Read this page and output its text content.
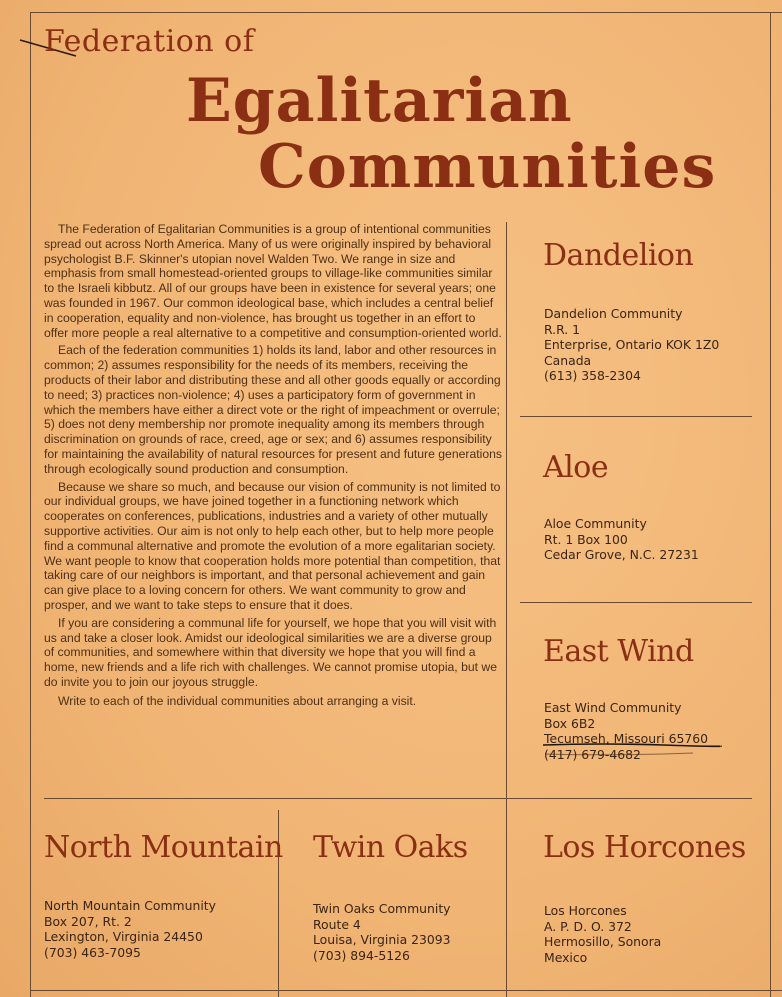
Federation of
Egalitarian
Communities

The Federation of Egalitarian Communities is a group of intentional communities spread out across North America. Many of us were originally inspired by behavioral psychologist B.F. Skinner's utopian novel Walden Two. We range in size and emphasis from small homestead-oriented groups to village-like communities similar to the Israeli kibbutz. All of our groups have been in existence for several years; one was founded in 1967. Our common ideological base, which includes a central belief in cooperation, equality and non-violence, has brought us together in an effort to offer more people a real alternative to a competitive and consumption-oriented world.

Each of the federation communities 1) holds its land, labor and other resources in common; 2) assumes responsibility for the needs of its members, receiving the products of their labor and distributing these and all other goods equally or according to need; 3) practices non-violence; 4) uses a participatory form of government in which the members have either a direct vote or the right of impeachment or overrule; 5) does not deny membership nor promote inequality among its members through discrimination on grounds of race, creed, age or sex; and 6) assumes responsibility for maintaining the availability of natural resources for present and future generations through ecologically sound production and consumption.

Because we share so much, and because our vision of community is not limited to our individual groups, we have joined together in a functioning network which cooperates on conferences, publications, industries and a variety of other mutually supportive activities. Our aim is not only to help each other, but to help more people find a communal alternative and promote the evolution of a more egalitarian society. We want people to know that cooperation holds more potential than competition, that taking care of our neighbors is important, and that personal achievement and gain can give place to a loving concern for others. We want community to grow and prosper, and we want to take steps to ensure that it does.

If you are considering a communal life for yourself, we hope that you will visit with us and take a closer look. Amidst our ideological similarities we are a diverse group of communities, and somewhere within that diversity we hope that you will find a home, new friends and a life rich with challenges. We cannot promise utopia, but we do invite you to join our joyous struggle.

Write to each of the individual communities about arranging a visit.

Dandelion
Dandelion Community
R.R. 1
Enterprise, Ontario KOK 1Z0
Canada
(613) 358-2304
Aloe
Aloe Community
Rt. 1 Box 100
Cedar Grove, N.C. 27231
East Wind
East Wind Community
Box 6B2
Tecumseh, Missouri 65760
(417) 679-4682
North Mountain
North Mountain Community
Box 207, Rt. 2
Lexington, Virginia 24450
(703) 463-7095
Twin Oaks
Twin Oaks Community
Route 4
Louisa, Virginia 23093
(703) 894-5126
Los Horcones
Los Horcones
A. P. D. O. 372
Hermosillo, Sonora
Mexico
